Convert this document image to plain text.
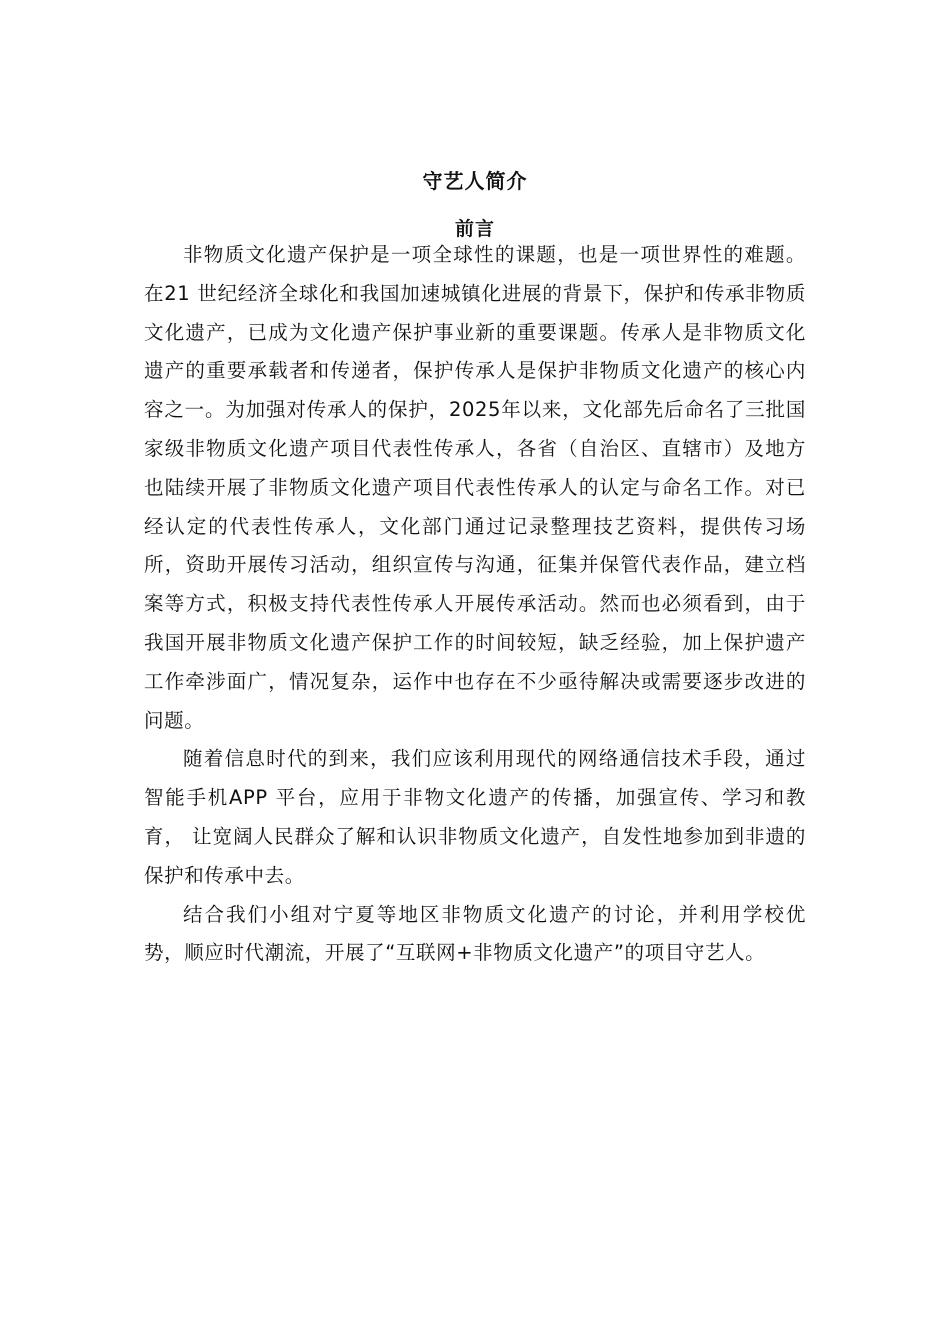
守艺人简介
前言

非物质文化遗产保护是一项全球性的课题，也是一项世界性的难题。在21 世纪经济全球化和我国加速城镇化进展的背景下，保护和传承非物质文化遗产，已成为文化遗产保护事业新的重要课题。传承人是非物质文化遗产的重要承载者和传递者，保护传承人是保护非物质文化遗产的核心内容之一。为加强对传承人的保护，2025年以来，文化部先后命名了三批国家级非物质文化遗产项目代表性传承人，各省（自治区、直辖市）及地方也陆续开展了非物质文化遗产项目代表性传承人的认定与命名工作。对已经认定的代表性传承人，文化部门通过记录整理技艺资料，提供传习场所，资助开展传习活动，组织宣传与沟通，征集并保管代表作品，建立档案等方式，积极支持代表性传承人开展传承活动。然而也必须看到，由于我国开展非物质文化遗产保护工作的时间较短，缺乏经验，加上保护遗产工作牵涉面广，情况复杂，运作中也存在不少亟待解决或需要逐步改进的问题。

随着信息时代的到来，我们应该利用现代的网络通信技术手段，通过智能手机APP 平台，应用于非物文化遗产的传播，加强宣传、学习和教育， 让宽阔人民群众了解和认识非物质文化遗产，自发性地参加到非遗的保护和传承中去。

结合我们小组对宁夏等地区非物质文化遗产的讨论，并利用学校优势，顺应时代潮流，开展了“互联网+非物质文化遗产”的项目守艺人。
